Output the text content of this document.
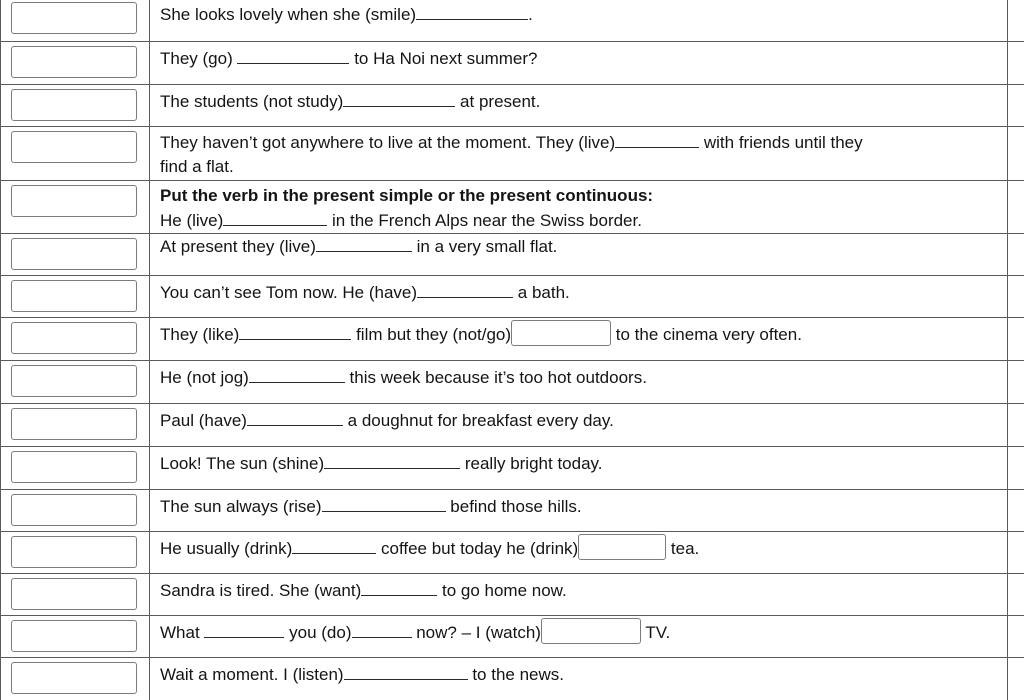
She looks lovely when she (smile)	.
They (go)	to Ha Noi next summer?
The students (not study)	at present.
They haven’t got anywhere to live at the moment. They (live)	with friends until they
find a flat.
Put the verb in the present simple or the present continuous:
He (live)	in the French Alps near the Swiss border.
At present they (live)	in a very small flat.
You can’t see Tom now. He (have)	a bath.
They (like)	film but they (not/go)	to the cinema very often.
He (not jog)	this week because it’s too hot outdoors.
Paul (have)	a doughnut for breakfast every day.
Look! The sun (shine)	really bright today.
The sun always (rise)	befind those hills.
He usually (drink)	coffee but today he (drink)	tea.
Sandra is tired. She (want)	to go home now.
What	you (do)	now? – I (watch)	TV.
Wait a moment. I (listen)	to the news.
